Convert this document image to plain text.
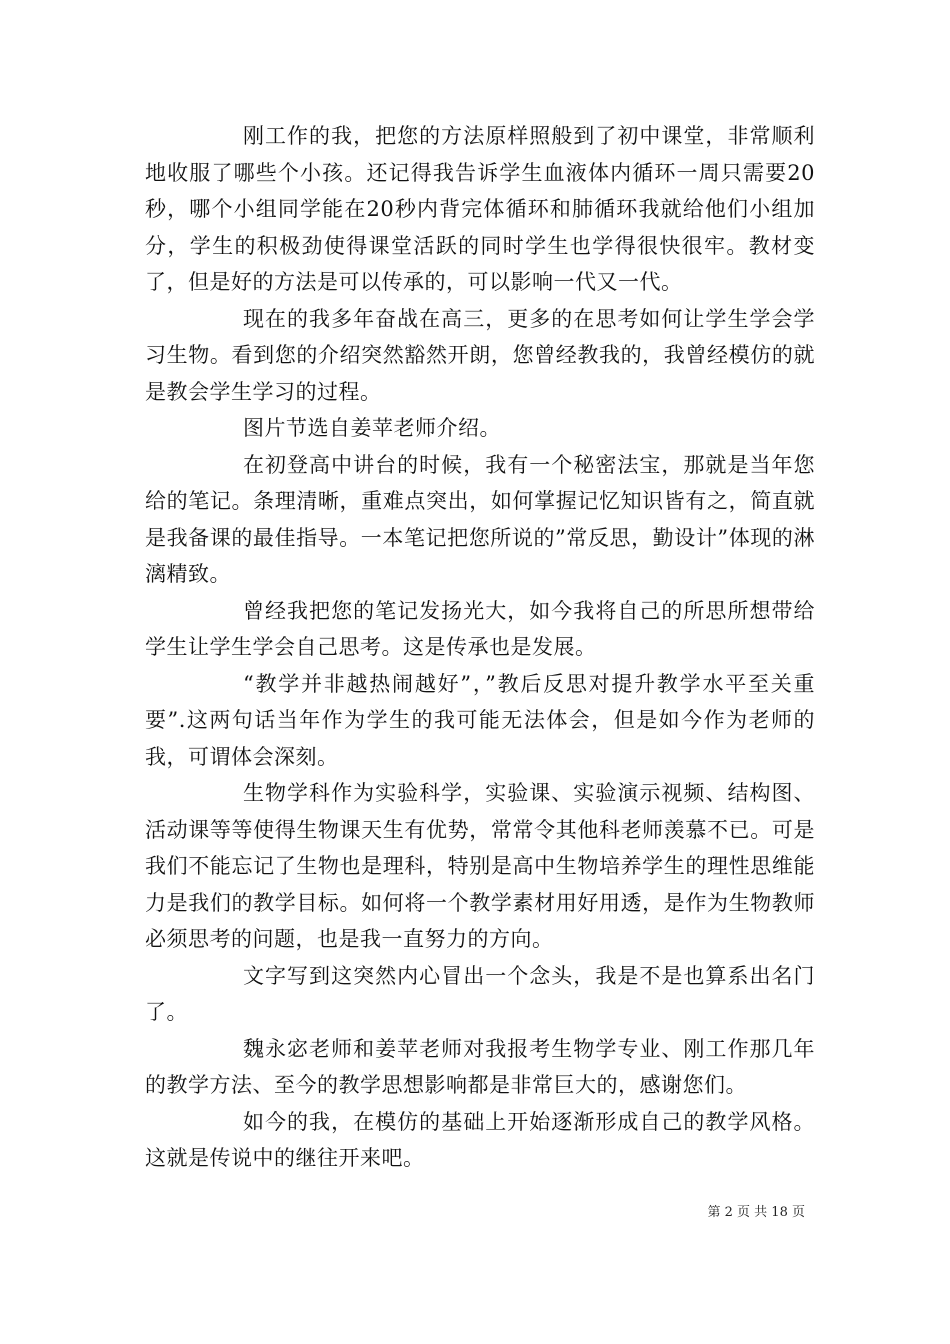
刚工作的我，把您的方法原样照般到了初中课堂，非常顺利地收服了哪些个小孩。还记得我告诉学生血液体内循环一周只需要20秒，哪个小组同学能在20秒内背完体循环和肺循环我就给他们小组加分，学生的积极劲使得课堂活跃的同时学生也学得很快很牢。教材变了，但是好的方法是可以传承的，可以影响一代又一代。

现在的我多年奋战在高三，更多的在思考如何让学生学会学习生物。看到您的介绍突然豁然开朗，您曾经教我的，我曾经模仿的就是教会学生学习的过程。

图片节选自姜苹老师介绍。

在初登高中讲台的时候，我有一个秘密法宝，那就是当年您给的笔记。条理清晰，重难点突出，如何掌握记忆知识皆有之，简直就是我备课的最佳指导。一本笔记把您所说的”常反思，勤设计”体现的淋漓精致。

曾经我把您的笔记发扬光大，如今我将自己的所思所想带给学生让学生学会自己思考。这是传承也是发展。

“教学并非越热闹越好”，”教后反思对提升教学水平至关重要”.这两句话当年作为学生的我可能无法体会，但是如今作为老师的我，可谓体会深刻。

生物学科作为实验科学，实验课、实验演示视频、结构图、活动课等等使得生物课天生有优势，常常令其他科老师羡慕不已。可是我们不能忘记了生物也是理科，特别是高中生物培养学生的理性思维能力是我们的教学目标。如何将一个教学素材用好用透，是作为生物教师必须思考的问题，也是我一直努力的方向。

文字写到这突然内心冒出一个念头，我是不是也算系出名门了。

魏永宓老师和姜苹老师对我报考生物学专业、刚工作那几年的教学方法、至今的教学思想影响都是非常巨大的，感谢您们。

如今的我，在模仿的基础上开始逐渐形成自己的教学风格。这就是传说中的继往开来吧。

第 2 页 共 18 页
